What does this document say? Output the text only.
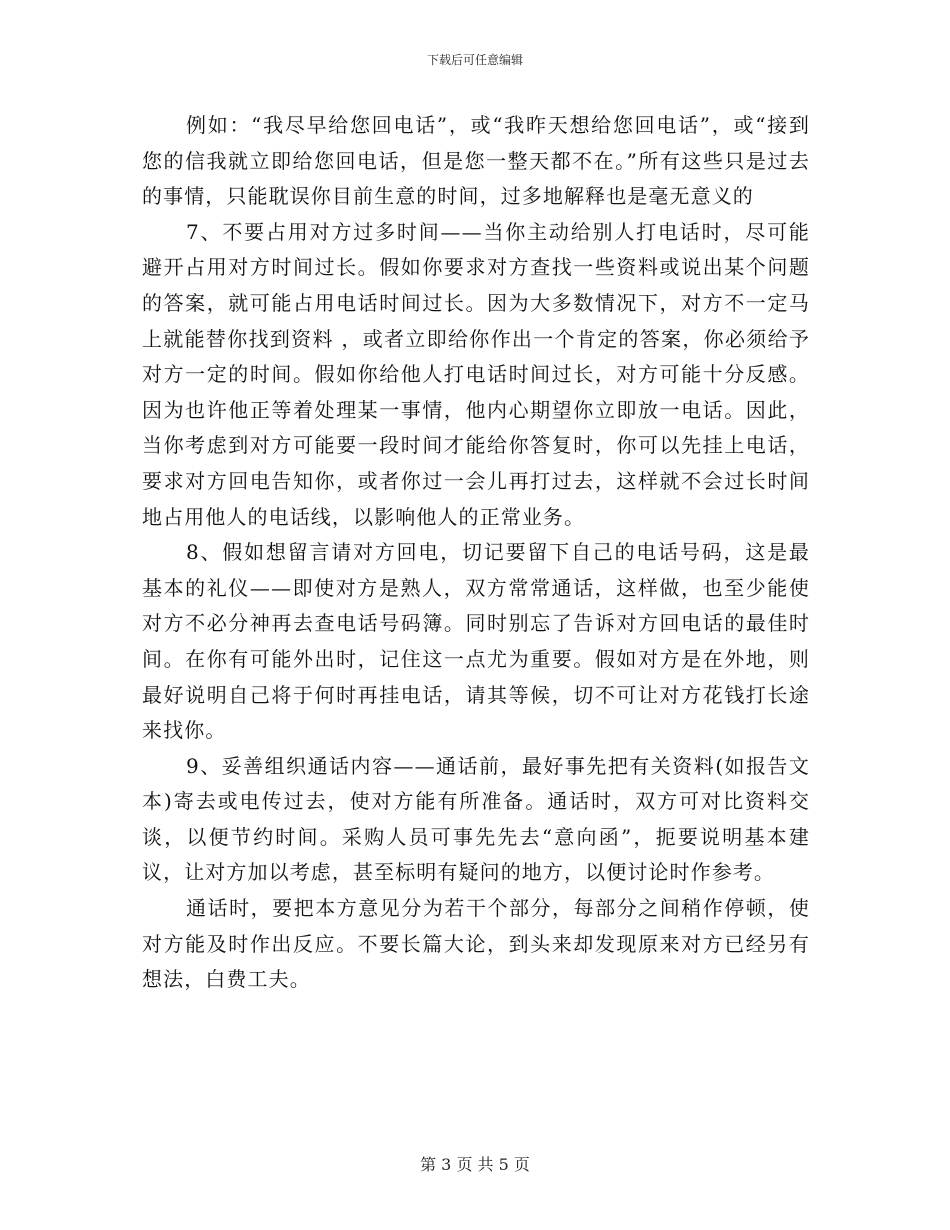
下载后可任意编辑

例如：“我尽早给您回电话”，或“我昨天想给您回电话”，或“接到您的信我就立即给您回电话，但是您一整天都不在。”所有这些只是过去的事情，只能耽误你目前生意的时间，过多地解释也是毫无意义的

7、不要占用对方过多时间——当你主动给别人打电话时，尽可能避开占用对方时间过长。假如你要求对方查找一些资料或说出某个问题的答案，就可能占用电话时间过长。因为大多数情况下，对方不一定马上就能替你找到资料 ，或者立即给你作出一个肯定的答案，你必须给予对方一定的时间。假如你给他人打电话时间过长，对方可能十分反感。因为也许他正等着处理某一事情，他内心期望你立即放一电话。因此，当你考虑到对方可能要一段时间才能给你答复时，你可以先挂上电话，要求对方回电告知你，或者你过一会儿再打过去，这样就不会过长时间地占用他人的电话线，以影响他人的正常业务。

8、假如想留言请对方回电，切记要留下自己的电话号码，这是最基本的礼仪——即使对方是熟人，双方常常通话，这样做，也至少能使对方不必分神再去查电话号码簿。同时别忘了告诉对方回电话的最佳时间。在你有可能外出时，记住这一点尤为重要。假如对方是在外地，则最好说明自己将于何时再挂电话，请其等候，切不可让对方花钱打长途来找你。

9、妥善组织通话内容——通话前，最好事先把有关资料(如报告文本)寄去或电传过去，使对方能有所准备。通话时，双方可对比资料交谈，以便节约时间。采购人员可事先先去“意向函”，扼要说明基本建议，让对方加以考虑，甚至标明有疑问的地方，以便讨论时作参考。

通话时，要把本方意见分为若干个部分，每部分之间稍作停顿，使对方能及时作出反应。不要长篇大论，到头来却发现原来对方已经另有想法，白费工夫。

第 3 页 共 5 页
